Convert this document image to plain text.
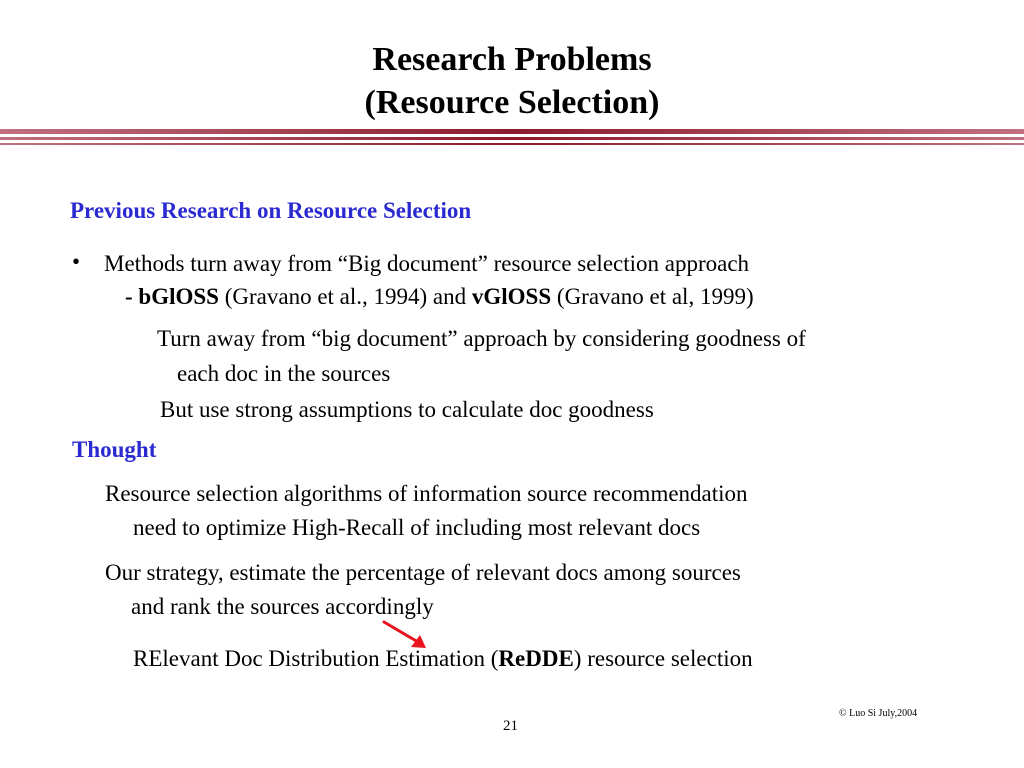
Research Problems
(Resource Selection)
Previous Research on Resource Selection
• Methods turn away from “Big document” resource selection approach
- bGlOSS (Gravano et al., 1994) and vGlOSS (Gravano et al, 1999)
Turn away from “big document” approach by considering goodness of
each doc in the sources
But use strong assumptions to calculate doc goodness
Thought
Resource selection algorithms of information source recommendation
need to optimize High-Recall of including most relevant docs
Our strategy, estimate the percentage of relevant docs among sources
and rank the sources accordingly
RElevant Doc Distribution Estimation (ReDDE) resource selection
© Luo Si July,2004
21
